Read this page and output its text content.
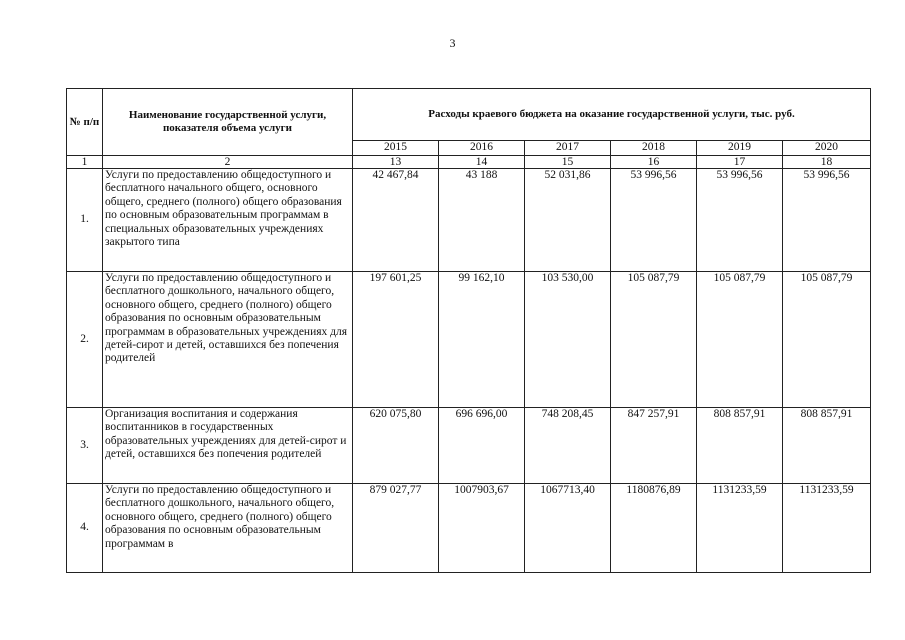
3
№ п/п	Наименование государственной услуги, показателя объема услуги	Расходы краевого бюджета на оказание государственной услуги, тыс. руб.					
		2015	2016	2017	2018	2019	2020
1	2	13	14	15	16	17	18
1.	Услуги по предоставлению общедоступного и бесплатного начального общего, основного общего, среднего (полного) общего образования по основным образовательным программам в специальных образовательных учреждениях закрытого типа	42 467,84	43 188	52 031,86	53 996,56	53 996,56	53 996,56
2.	Услуги по предоставлению общедоступного и бесплатного дошкольного, начального общего, основного общего, среднего (полного) общего образования по основным образовательным программам в образовательных учреждениях для детей-сирот и детей, оставшихся без попечения родителей	197 601,25	99 162,10	103 530,00	105 087,79	105 087,79	105 087,79
3.	Организация воспитания и содержания воспитанников в государственных образовательных учреждениях для детей-сирот и детей, оставшихся без попечения родителей	620 075,80	696 696,00	748 208,45	847 257,91	808 857,91	808 857,91
4.	Услуги по предоставлению общедоступного и бесплатного дошкольного, начального общего, основного общего, среднего (полного) общего образования по основным образовательным программам в	879 027,77	1007903,67	1067713,40	1180876,89	1131233,59	1131233,59
